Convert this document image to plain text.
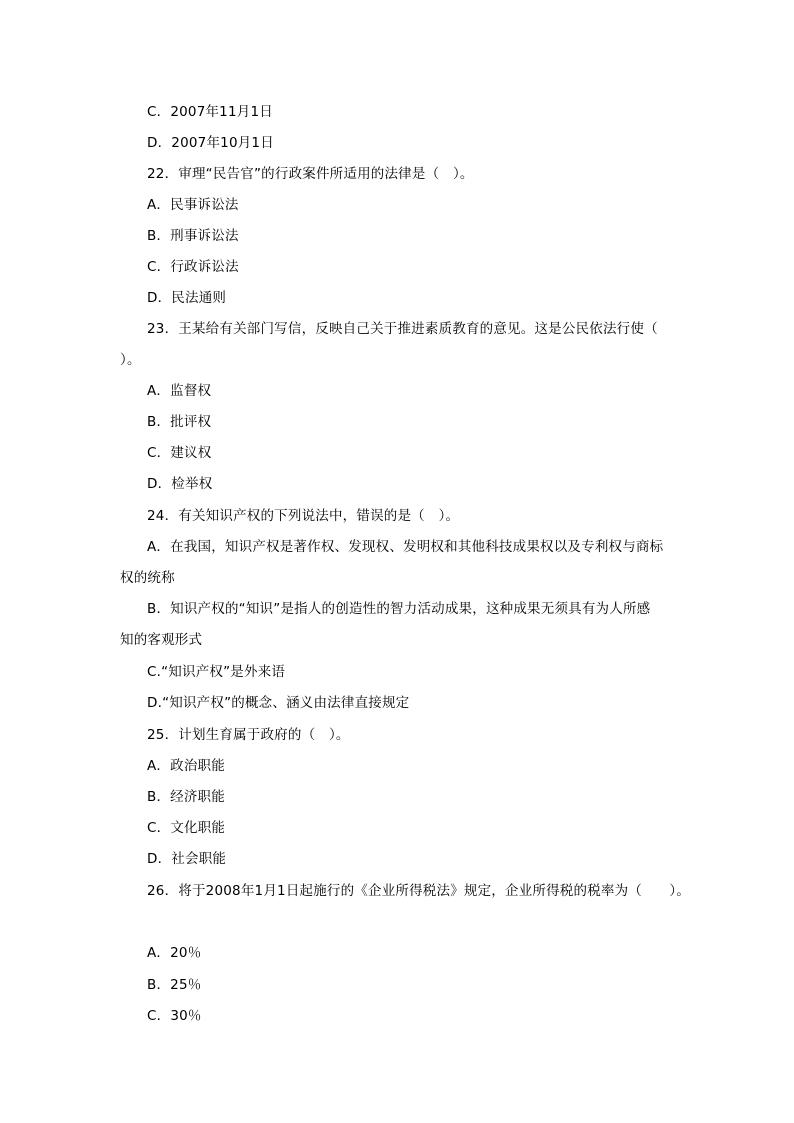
C．2007年11月1日
D．2007年10月1日
22．审理“民告官”的行政案件所适用的法律是（　）。
A．民事诉讼法
B．刑事诉讼法
C．行政诉讼法
D．民法通则
23．王某给有关部门写信，反映自己关于推进素质教育的意见。这是公民依法行使（
）。
A．监督权
B．批评权
C．建议权
D．检举权
24．有关知识产权的下列说法中，错误的是（　）。
A．在我国，知识产权是著作权、发现权、发明权和其他科技成果权以及专利权与商标
权的统称
B．知识产权的“知识”是指人的创造性的智力活动成果，这种成果无须具有为人所感
知的客观形式
C.“知识产权”是外来语
D.“知识产权”的概念、涵义由法律直接规定
25．计划生育属于政府的（　）。
A．政治职能
B．经济职能
C．文化职能
D．社会职能
26．将于2008年1月1日起施行的《企业所得税法》规定，企业所得税的税率为（　　）。
A．20％
B．25％
C．30％
